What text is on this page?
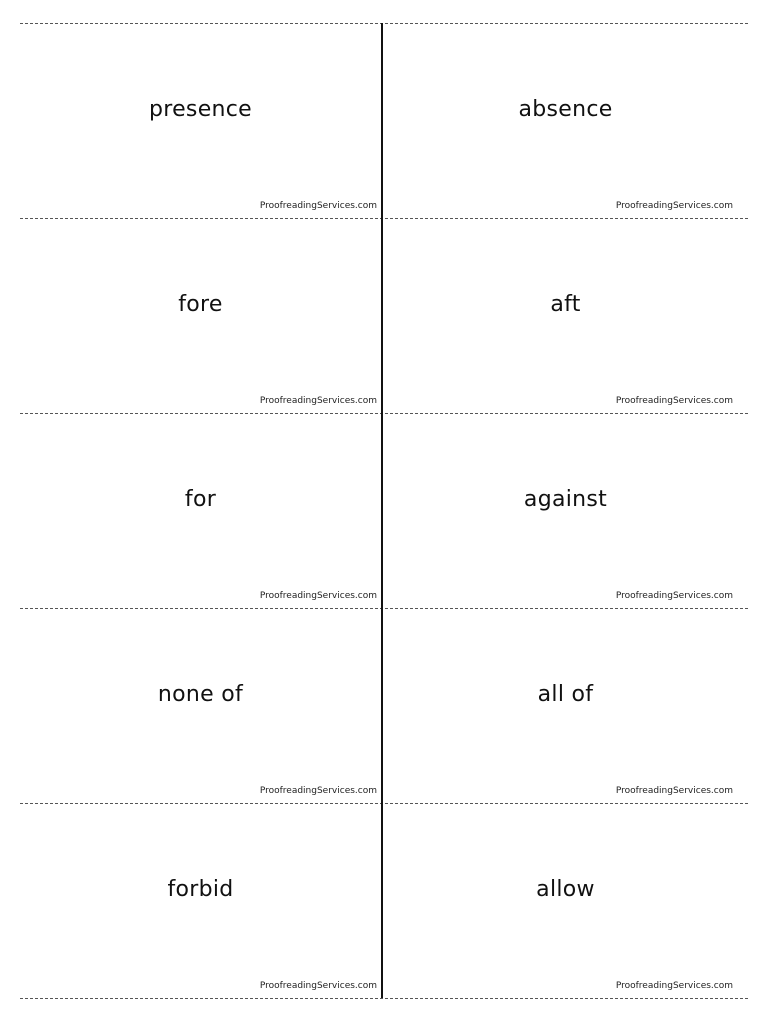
presence
ProofreadingServices.com
absence
ProofreadingServices.com
fore
ProofreadingServices.com
aft
ProofreadingServices.com
for
ProofreadingServices.com
against
ProofreadingServices.com
none of
ProofreadingServices.com
all of
ProofreadingServices.com
forbid
ProofreadingServices.com
allow
ProofreadingServices.com
